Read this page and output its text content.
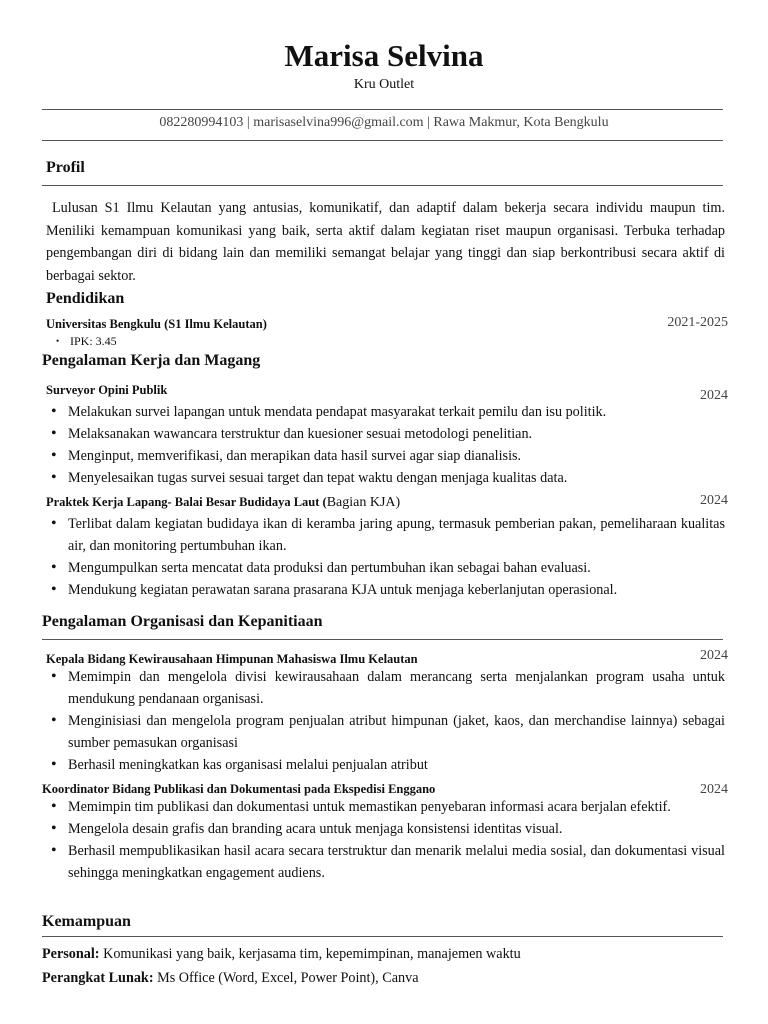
Marisa Selvina
Kru Outlet
082280994103 | marisaselvina996@gmail.com | Rawa Makmur, Kota Bengkulu
Profil
Lulusan S1 Ilmu Kelautan yang antusias, komunikatif, dan adaptif dalam bekerja secara individu maupun tim. Meniliki kemampuan komunikasi yang baik, serta aktif dalam kegiatan riset maupun organisasi. Terbuka terhadap pengembangan diri di bidang lain dan memiliki semangat belajar yang tinggi dan siap berkontribusi secara aktif di berbagai sektor.
Pendidikan
Universitas Bengkulu (S1 Ilmu Kelautan)	2021-2025
• IPK: 3.45
Pengalaman Kerja dan Magang
Surveyor Opini Publik	2024
• Melakukan survei lapangan untuk mendata pendapat masyarakat terkait pemilu dan isu politik.
• Melaksanakan wawancara terstruktur dan kuesioner sesuai metodologi penelitian.
• Menginput, memverifikasi, dan merapikan data hasil survei agar siap dianalisis.
• Menyelesaikan tugas survei sesuai target dan tepat waktu dengan menjaga kualitas data.
Praktek Kerja Lapang- Balai Besar Budidaya Laut (Bagian KJA)	2024
• Terlibat dalam kegiatan budidaya ikan di keramba jaring apung, termasuk pemberian pakan, pemeliharaan kualitas air, dan monitoring pertumbuhan ikan.
• Mengumpulkan serta mencatat data produksi dan pertumbuhan ikan sebagai bahan evaluasi.
• Mendukung kegiatan perawatan sarana prasarana KJA untuk menjaga keberlanjutan operasional.
Pengalaman Organisasi dan Kepanitiaan
Kepala Bidang Kewirausahaan Himpunan Mahasiswa Ilmu Kelautan	2024
• Memimpin dan mengelola divisi kewirausahaan dalam merancang serta menjalankan program usaha untuk mendukung pendanaan organisasi.
• Menginisiasi dan mengelola program penjualan atribut himpunan (jaket, kaos, dan merchandise lainnya) sebagai sumber pemasukan organisasi
• Berhasil meningkatkan kas organisasi melalui penjualan atribut
Koordinator Bidang Publikasi dan Dokumentasi pada Ekspedisi Enggano	2024
• Memimpin tim publikasi dan dokumentasi untuk memastikan penyebaran informasi acara berjalan efektif.
• Mengelola desain grafis dan branding acara untuk menjaga konsistensi identitas visual.
• Berhasil mempublikasikan hasil acara secara terstruktur dan menarik melalui media sosial, dan dokumentasi visual sehingga meningkatkan engagement audiens.
Kemampuan
Personal: Komunikasi yang baik, kerjasama tim, kepemimpinan, manajemen waktu
Perangkat Lunak: Ms Office (Word, Excel, Power Point), Canva
